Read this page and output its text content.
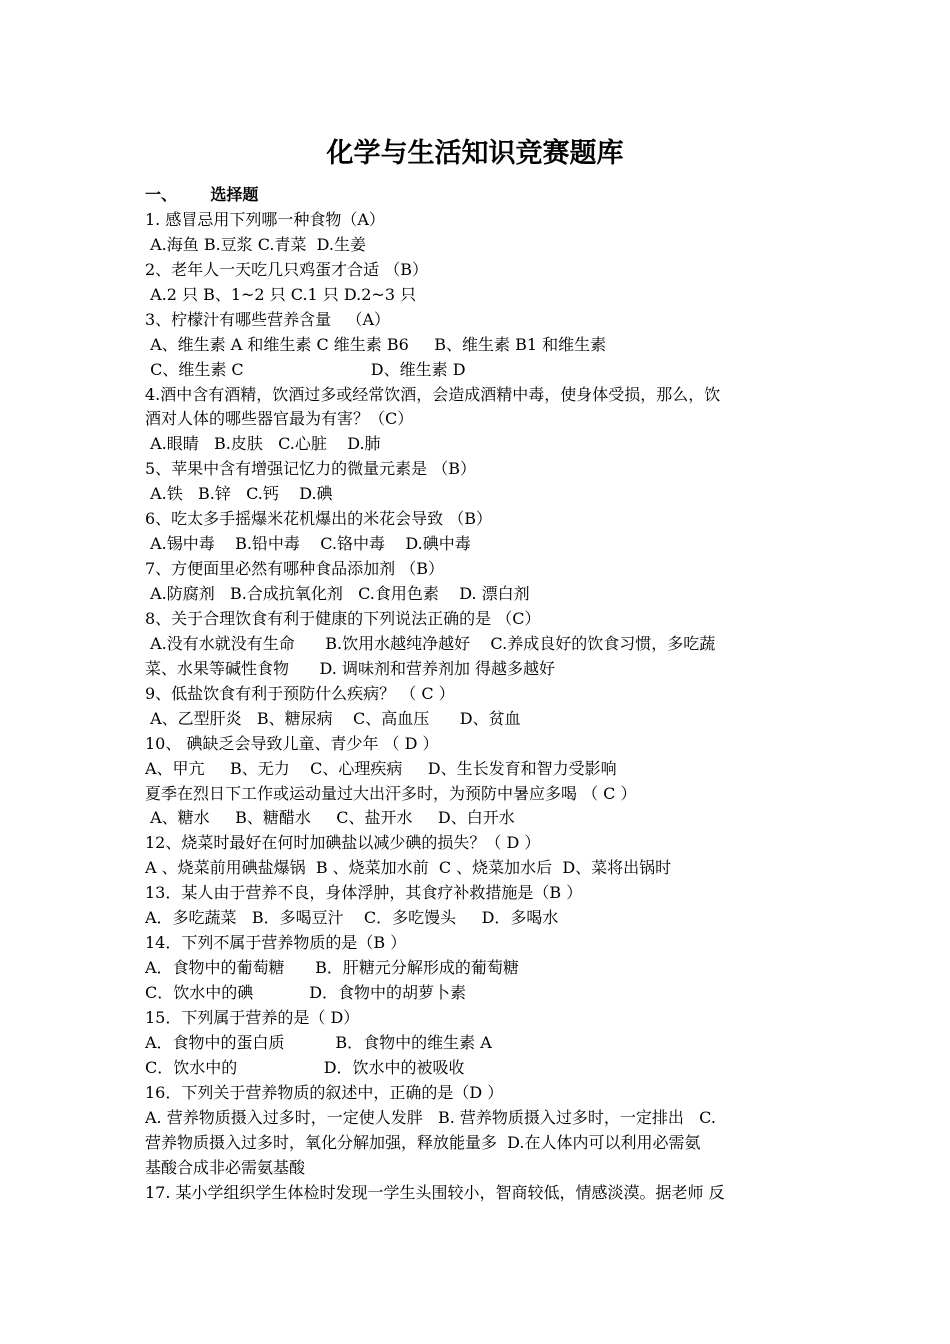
化学与生活知识竞赛题库
一、      选择题
1. 感冒忌用下列哪一种食物（A）
A.海鱼 B.豆浆 C.青菜  D.生姜
2、老年人一天吃几只鸡蛋才合适 （B）
A.2 只 B、1~2 只 C.1 只 D.2~3 只
3、柠檬汁有哪些营养含量   （A）
A、维生素 A 和维生素 C 维生素 B6     B、维生素 B1 和维生素
C、维生素 C                         D、维生素 D
4.酒中含有酒精，饮酒过多或经常饮酒，会造成酒精中毒，使身体受损，那么，饮
酒对人体的哪些器官最为有害？（C）
A.眼睛   B.皮肤   C.心脏    D.肺
5、苹果中含有增强记忆力的微量元素是 （B）
A.铁   B.锌   C.钙    D.碘
6、吃太多手摇爆米花机爆出的米花会导致 （B）
A.锡中毒    B.铅中毒    C.铬中毒    D.碘中毒
7、方便面里必然有哪种食品添加剂 （B）
A.防腐剂   B.合成抗氧化剂   C.食用色素    D. 漂白剂
8、关于合理饮食有利于健康的下列说法正确的是 （C）
A.没有水就没有生命      B.饮用水越纯净越好    C.养成良好的饮食习惯，多吃蔬
菜、水果等碱性食物      D. 调味剂和营养剂加 得越多越好
9、低盐饮食有利于预防什么疾病？ （ C ）
A、乙型肝炎   B、糖尿病    C、高血压      D、贫血
10、 碘缺乏会导致儿童、青少年 （ D ）
A、甲亢     B、无力    C、心理疾病     D、生长发育和智力受影响
夏季在烈日下工作或运动量过大出汗多时，为预防中暑应多喝 （ C ）
A、糖水     B、糖醋水     C、盐开水     D、白开水
12、烧菜时最好在何时加碘盐以减少碘的损失？（ D ）
A 、烧菜前用碘盐爆锅  B 、烧菜加水前  C 、烧菜加水后  D、菜将出锅时
13．某人由于营养不良，身体浮肿，其食疗补救措施是（B ）
A．多吃蔬菜   B．多喝豆汁    C．多吃馒头     D．多喝水
14．下列不属于营养物质的是（B ）
A．食物中的葡萄糖      B．肝糖元分解形成的葡萄糖
C．饮水中的碘           D．食物中的胡萝卜素
15．下列属于营养的是（ D）
A．食物中的蛋白质          B．食物中的维生素 A
C．饮水中的                 D．饮水中的被吸收
16．下列关于营养物质的叙述中，正确的是（D ）
A. 营养物质摄入过多时，一定使人发胖   B. 营养物质摄入过多时，一定排出   C.
营养物质摄入过多时，氧化分解加强，释放能量多  D.在人体内可以利用必需氨
基酸合成非必需氨基酸
17. 某小学组织学生体检时发现一学生头围较小，智商较低，情感淡漠。据老师 反
